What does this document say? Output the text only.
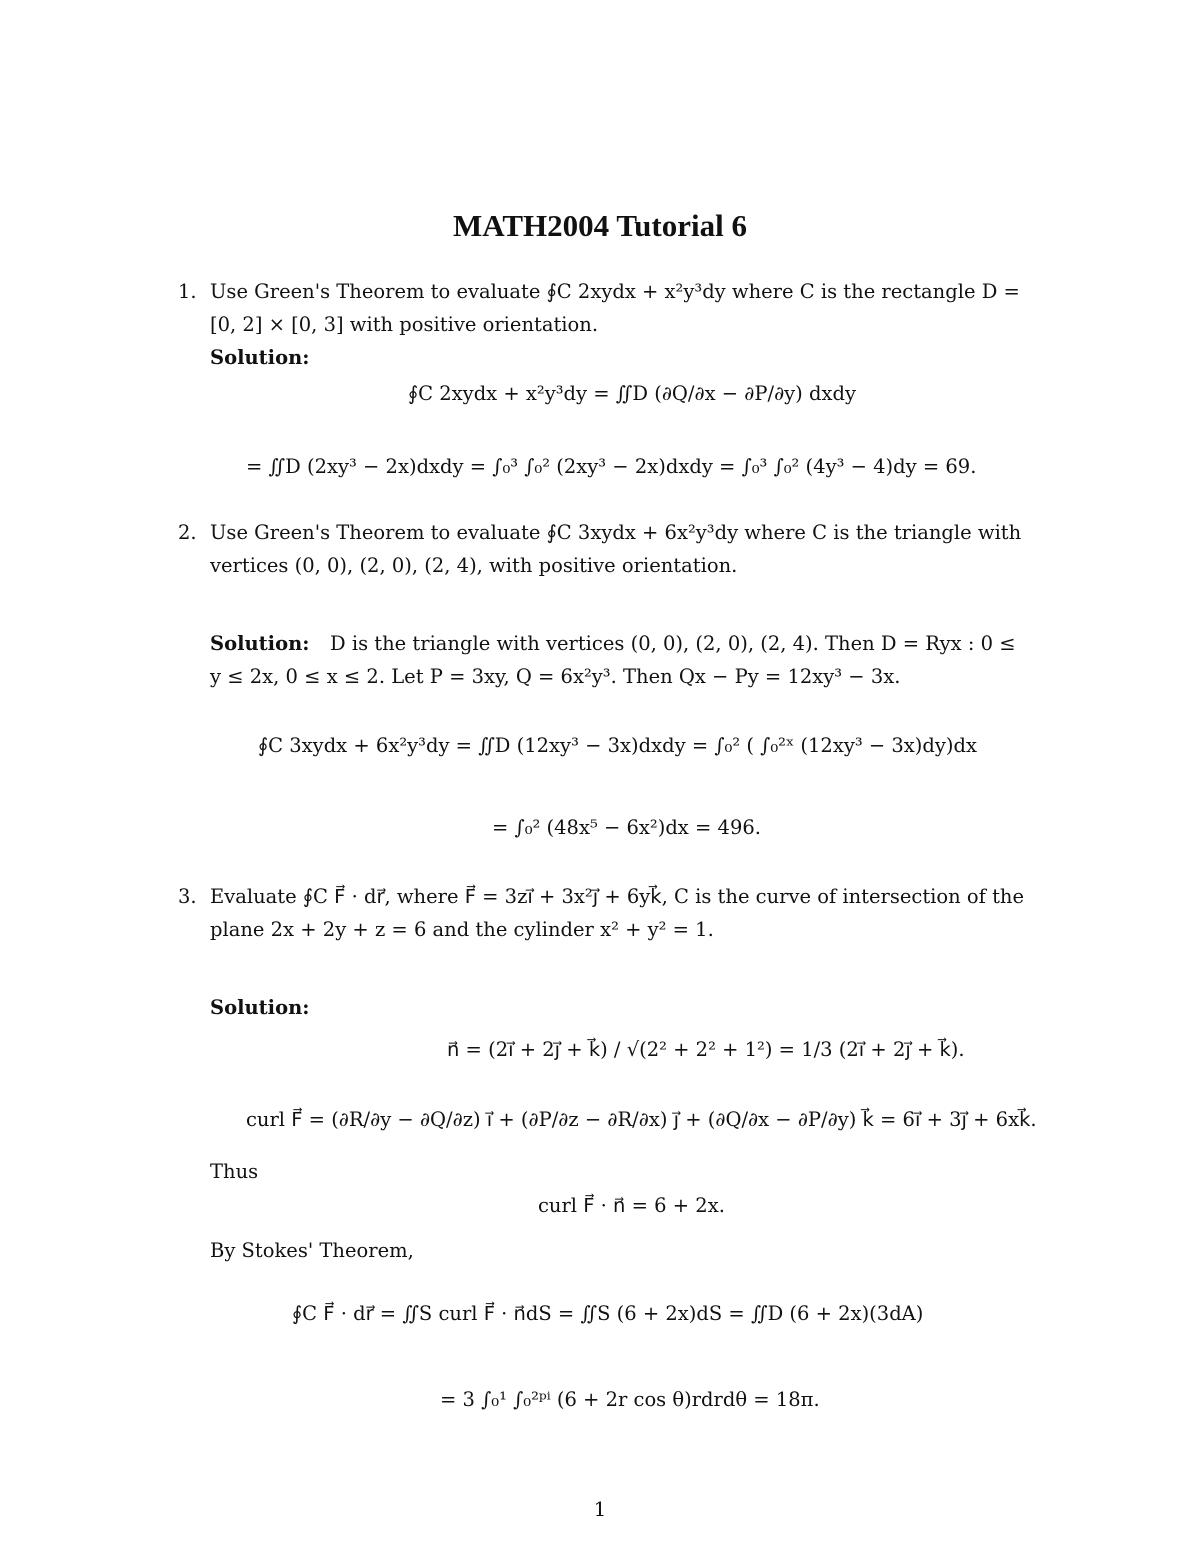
MATH2004 Tutorial 6
1. Use Green's Theorem to evaluate ∮C 2xydx + x²y³dy where C is the rectangle D =
[0, 2] × [0, 3] with positive orientation.
Solution:
∮C 2xydx + x²y³dy = ∬D (∂Q/∂x − ∂P/∂y) dxdy
= ∬D (2xy³ − 2x)dxdy = ∫₀³ ∫₀² (2xy³ − 2x)dxdy = ∫₀³ ∫₀² (4y³ − 4)dy = 69.
2. Use Green's Theorem to evaluate ∮C 3xydx + 6x²y³dy where C is the triangle with
vertices (0, 0), (2, 0), (2, 4), with positive orientation.
Solution: D is the triangle with vertices (0, 0), (2, 0), (2, 4). Then D = Ryx : 0 ≤
y ≤ 2x, 0 ≤ x ≤ 2. Let P = 3xy, Q = 6x²y³. Then Qx − Py = 12xy³ − 3x.
∮C 3xydx + 6x²y³dy = ∬D (12xy³ − 3x)dxdy = ∫₀² ( ∫₀²ˣ (12xy³ − 3x)dy)dx
= ∫₀² (48x⁵ − 6x²)dx = 496.
3. Evaluate ∮C F⃗ · dr⃗, where F⃗ = 3zi⃗ + 3x²j⃗ + 6yk⃗, C is the curve of intersection of the
plane 2x + 2y + z = 6 and the cylinder x² + y² = 1.
Solution:
n⃗ = (2i⃗ + 2j⃗ + k⃗) / √(2² + 2² + 1²) = 1/3 (2i⃗ + 2j⃗ + k⃗).
curl F⃗ = (∂R/∂y − ∂Q/∂z) i⃗ + (∂P/∂z − ∂R/∂x) j⃗ + (∂Q/∂x − ∂P/∂y) k⃗ = 6i⃗ + 3j⃗ + 6xk⃗.
Thus
curl F⃗ · n⃗ = 6 + 2x.
By Stokes' Theorem,
∮C F⃗ · dr⃗ = ∬S curl F⃗ · n⃗dS = ∬S (6 + 2x)dS = ∬D (6 + 2x)(3dA)
= 3 ∫₀¹ ∫₀²ᵖⁱ (6 + 2r cos θ)rdrdθ = 18π.
1
